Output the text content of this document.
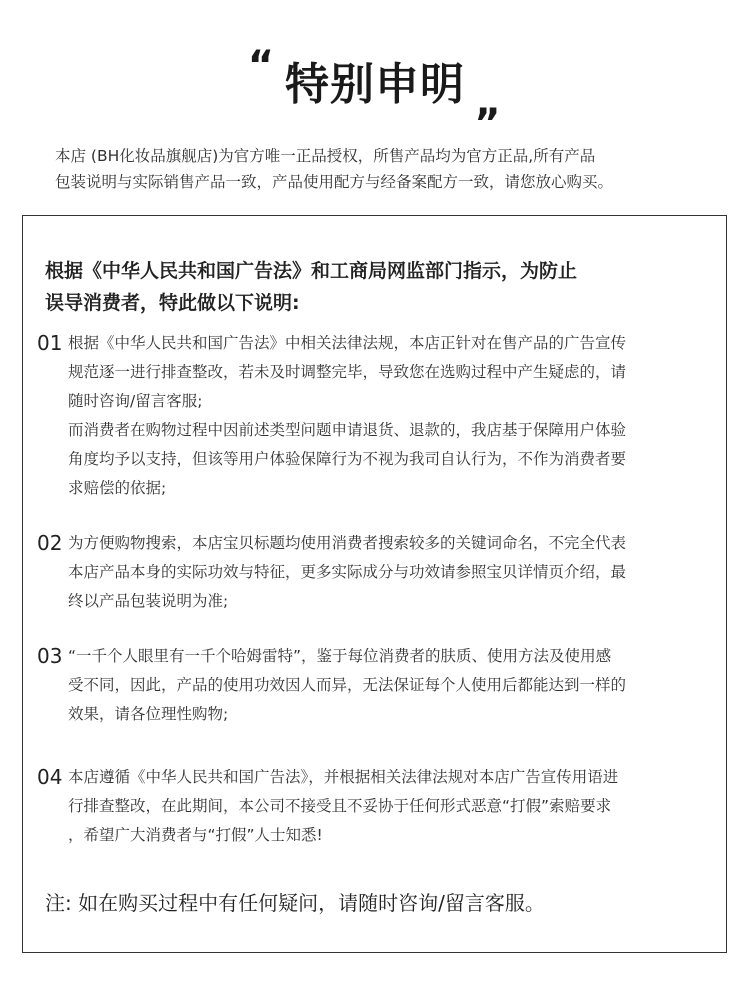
“ 特别申明 „

本店 (BH化妆品旗舰店)为官方唯一正品授权，所售产品均为官方正品,所有产品

包装说明与实际销售产品一致，产品使用配方与经备案配方一致，请您放心购买。

根据《中华人民共和国广告法》和工商局网监部门指示，为防止

误导消费者，特此做以下说明:

01 根据《中华人民共和国广告法》中相关法律法规，本店正针对在售产品的广告宣传

规范逐一进行排查整改，若未及时调整完毕，导致您在选购过程中产生疑虑的，请

随时咨询/留言客服;

而消费者在购物过程中因前述类型问题申请退货、退款的，我店基于保障用户体验

角度均予以支持，但该等用户体验保障行为不视为我司自认行为，不作为消费者要

求赔偿的依据;

02 为方便购物搜索，本店宝贝标题均使用消费者搜索较多的关键词命名，不完全代表

本店产品本身的实际功效与特征，更多实际成分与功效请参照宝贝详情页介绍，最

终以产品包装说明为准;

03 “一千个人眼里有一千个哈姆雷特”，鉴于每位消费者的肤质、使用方法及使用感

受不同，因此，产品的使用功效因人而异，无法保证每个人使用后都能达到一样的

效果，请各位理性购物;

04 本店遵循《中华人民共和国广告法》，并根据相关法律法规对本店广告宣传用语进

行排查整改，在此期间，本公司不接受且不妥协于任何形式恶意“打假”索赔要求

，希望广大消费者与“打假”人士知悉!

注: 如在购买过程中有任何疑问，请随时咨询/留言客服。
